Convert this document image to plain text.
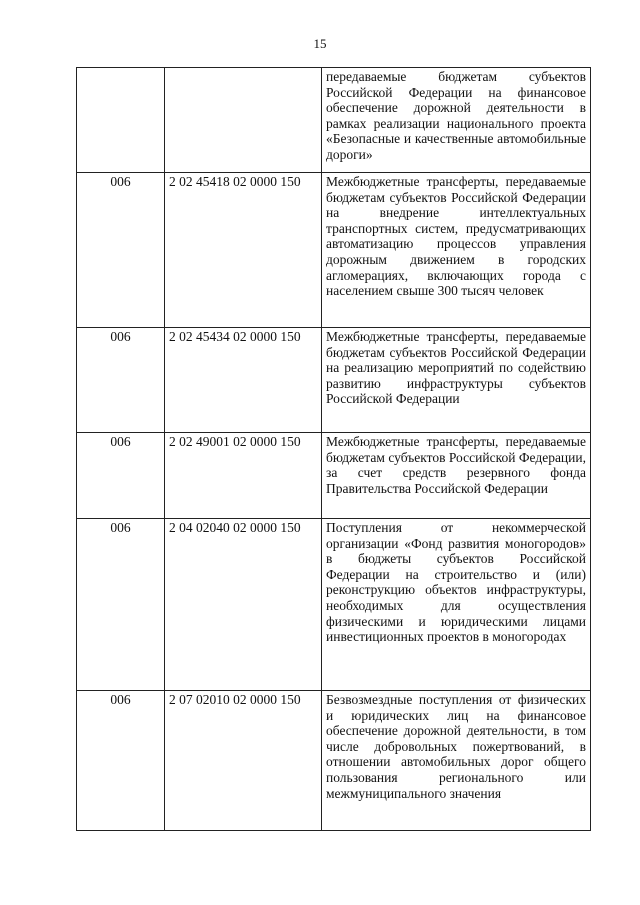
15
		передаваемые бюджетам субъектов Российской Федерации на финансовое обеспечение дорожной деятельности в рамках реализации национального проекта «Безопасные и качественные автомобильные дороги»
006	2 02 45418 02 0000 150	Межбюджетные трансферты, передаваемые бюджетам субъектов Российской Федерации на внедрение интеллектуальных транспортных систем, предусматривающих автоматизацию процессов управления дорожным движением в городских агломерациях, включающих города с населением свыше 300 тысяч человек
006	2 02 45434 02 0000 150	Межбюджетные трансферты, передаваемые бюджетам субъектов Российской Федерации на реализацию мероприятий по содействию развитию инфраструктуры субъектов Российской Федерации
006	2 02 49001 02 0000 150	Межбюджетные трансферты, передаваемые бюджетам субъектов Российской Федерации, за счет средств резервного фонда Правительства Российской Федерации
006	2 04 02040 02 0000 150	Поступления от некоммерческой организации «Фонд развития моногородов» в бюджеты субъектов Российской Федерации на строительство и (или) реконструкцию объектов инфраструктуры, необходимых для осуществления физическими и юридическими лицами инвестиционных проектов в моногородах
006	2 07 02010 02 0000 150	Безвозмездные поступления от физических и юридических лиц на финансовое обеспечение дорожной деятельности, в том числе добровольных пожертвований, в отношении автомобильных дорог общего пользования регионального или межмуниципального значения
